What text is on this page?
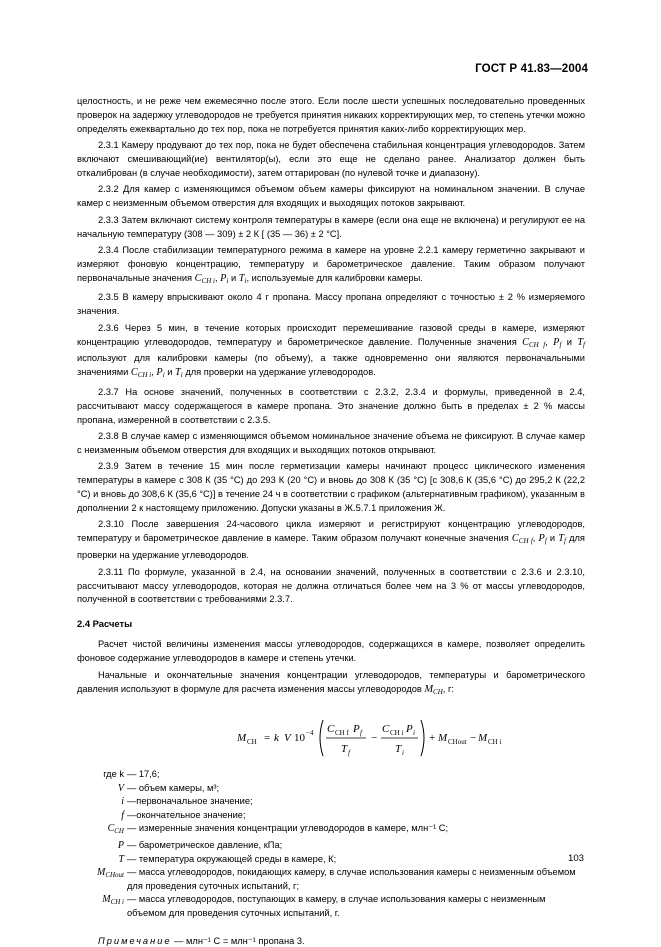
ГОСТ Р 41.83—2004

целостность, и не реже чем ежемесячно после этого. Если после шести успешных последовательно проведенных проверок на задержку углеводородов не требуется принятия никаких корректирующих мер, то степень утечки можно определять ежеквартально до тех пор, пока не потребуется принятия каких-либо корректирующих мер.

2.3.1 Камеру продувают до тех пор, пока не будет обеспечена стабильная концентрация углеводородов. Затем включают смешивающий(ие) вентилятор(ы), если это еще не сделано ранее. Анализатор должен быть откалиброван (в случае необходимости), затем оттарирован (по нулевой точке и диапазону).

2.3.2 Для камер с изменяющимся объемом объем камеры фиксируют на номинальном значении. В случае камер с неизменным объемом отверстия для входящих и выходящих потоков закрывают.

2.3.3 Затем включают систему контроля температуры в камере (если она еще не включена) и регулируют ее на начальную температуру (308 — 309) ± 2 К [ (35 — 36) ± 2 °С].

2.3.4 После стабилизации температурного режима в камере на уровне 2.2.1 камеру герметично закрывают и измеряют фоновую концентрацию, температуру и барометрическое давление. Таким образом получают первоначальные значения $C_{CH i}$, $P_i$ и $T_i$, используемые для калибровки камеры.

2.3.5 В камеру впрыскивают около 4 г пропана. Массу пропана определяют с точностью ± 2 % измеряемого значения.

2.3.6 Через 5 мин, в течение которых происходит перемешивание газовой среды в камере, измеряют концентрацию углеводородов, температуру и барометрическое давление. Полученные значения $C_{CH f}$, $P_f$ и $T_f$ используют для калибровки камеры (по объему), а также одновременно они являются первоначальными значениями $C_{CH i}$, $P_i$ и $T_i$ для проверки на удержание углеводородов.

2.3.7 На основе значений, полученных в соответствии с 2.3.2, 2.3.4 и формулы, приведенной в 2.4, рассчитывают массу содержащегося в камере пропана. Это значение должно быть в пределах ± 2 % массы пропана, измеренной в соответствии с 2.3.5.

2.3.8 В случае камер с изменяющимся объемом номинальное значение объема не фиксируют. В случае камер с неизменным объемом отверстия для входящих и выходящих потоков открывают.

2.3.9 Затем в течение 15 мин после герметизации камеры начинают процесс циклического изменения температуры в камере с 308 К (35 °С) до 293 К (20 °С) и вновь до 308 К (35 °С) [с 308,6 К (35,6 °С) до 295,2 К (22,2 °С) и вновь до 308,6 К (35,6 °С)] в течение 24 ч в соответствии с графиком (альтернативным графиком), указанным в дополнении 2 к настоящему приложению. Допуски указаны в Ж.5.7.1 приложения Ж.

2.3.10 После завершения 24-часового цикла измеряют и регистрируют концентрацию углеводородов, температуру и барометрическое давление в камере. Таким образом получают конечные значения $C_{CH f}$, $P_f$ и $T_f$ для проверки на удержание углеводородов.

2.3.11 По формуле, указанной в 2.4, на основании значений, полученных в соответствии с 2.3.6 и 2.3.10, рассчитывают массу углеводородов, которая не должна отличаться более чем на 3 % от массы углеводородов, полученной в соответствии с требованиями 2.3.7.

2.4 Расчеты

Расчет чистой величины изменения массы углеводородов, содержащихся в камере, позволяет определить фоновое содержание углеводородов в камере и степень утечки.

Начальные и окончательные значения концентрации углеводородов, температуры и барометрического давления используют в формуле для расчета изменения массы углеводородов $M_{CH}$, г:

M CH = k V 10 −4 C CH f P f
T f
−
C CH i P i
T i
+ M CHout − M CH i
где k — 17,6;
V — объем камеры, м³;
i —первоначальное значение;
f —окончательное значение;
$C_{CH}$ — измеренные значения концентрации углеводородов в камере, млн⁻¹ С;
P — барометрическое давление, кПа;
T — температура окружающей среды в камере, К;
$M_{CHout}$ — масса углеводородов, покидающих камеру, в случае использования камеры с неизменным объемом для проведения суточных испытаний, г;
$M_{CH i}$ — масса углеводородов, поступающих в камеру, в случае использования камеры с неизменным объемом для проведения суточных испытаний, г.
Примечание — млн⁻¹ С = млн⁻¹ пропана 3.
103
